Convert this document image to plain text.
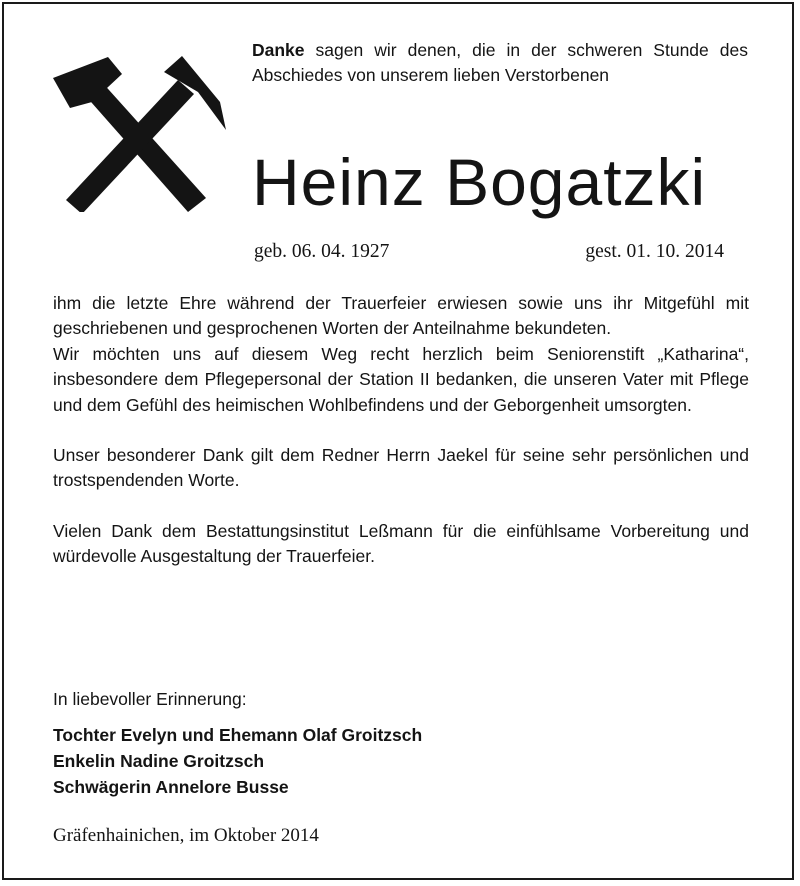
Danke sagen wir denen, die in der schweren Stunde des Abschiedes von unserem lieben Verstorbenen
Heinz Bogatzki
geb. 06. 04. 1927	gest. 01. 10. 2014

ihm die letzte Ehre während der Trauerfeier erwiesen sowie uns ihr Mitgefühl mit geschriebenen und gesprochenen Worten der Anteilnahme bekundeten.

Wir möchten uns auf diesem Weg recht herzlich beim Seniorenstift „Katharina“, insbesondere dem Pflegepersonal der Station II bedanken, die unseren Vater mit Pflege und dem Gefühl des heimischen Wohlbefindens und der Geborgenheit umsorgten.

Unser besonderer Dank gilt dem Redner Herrn Jaekel für seine sehr persönlichen und trostspendenden Worte.

Vielen Dank dem Bestattungsinstitut Leßmann für die einfühlsame Vorbereitung und würdevolle Ausgestaltung der Trauerfeier.

In liebevoller Erinnerung:
Tochter Evelyn und Ehemann Olaf Groitzsch
Enkelin Nadine Groitzsch
Schwägerin Annelore Busse
Gräfenhainichen, im Oktober 2014
